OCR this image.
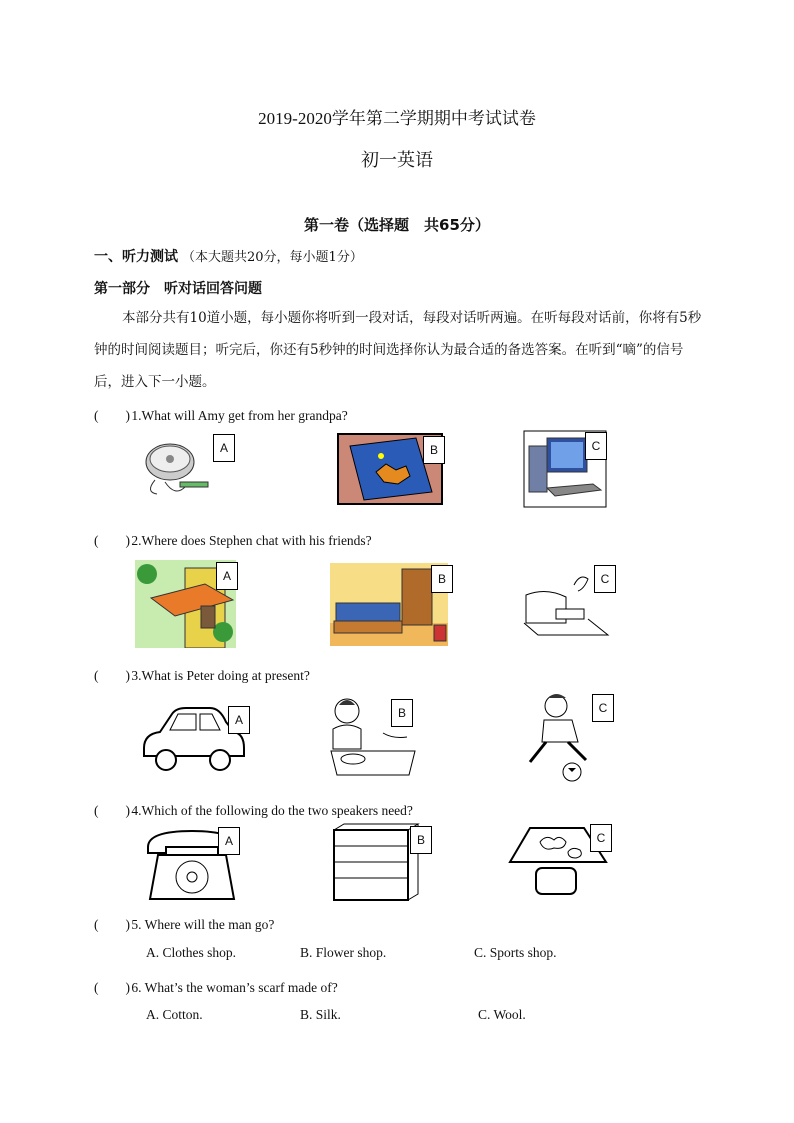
2019-2020学年第二学期期中考试试卷
初一英语
第一卷（选择题　共65分）
一、听力测试 （本大题共20分，每小题1分）
第一部分　听对话回答问题
本部分共有10道小题，每小题你将听到一段对话，每段对话听两遍。在听每段对话前，你将有5秒钟的时间阅读题目；听完后，你还有5秒钟的时间选择你认为最合适的备选答案。在听到“嘀”的信号后，进入下一小题。
(　　) 1.What will Amy get from her grandpa?
A	B	C
(　　) 2.Where does Stephen chat with his friends?
A	B	C
(　　) 3.What is Peter doing at present?
A	B	C
(　　) 4.Which of the following do the two speakers need?
A	B	C
(　　) 5. Where will the man go?
A. Clothes shop.	B. Flower shop.	C. Sports shop.
(　　) 6. What’s the woman’s scarf made of?
A. Cotton.	B. Silk.	C. Wool.
